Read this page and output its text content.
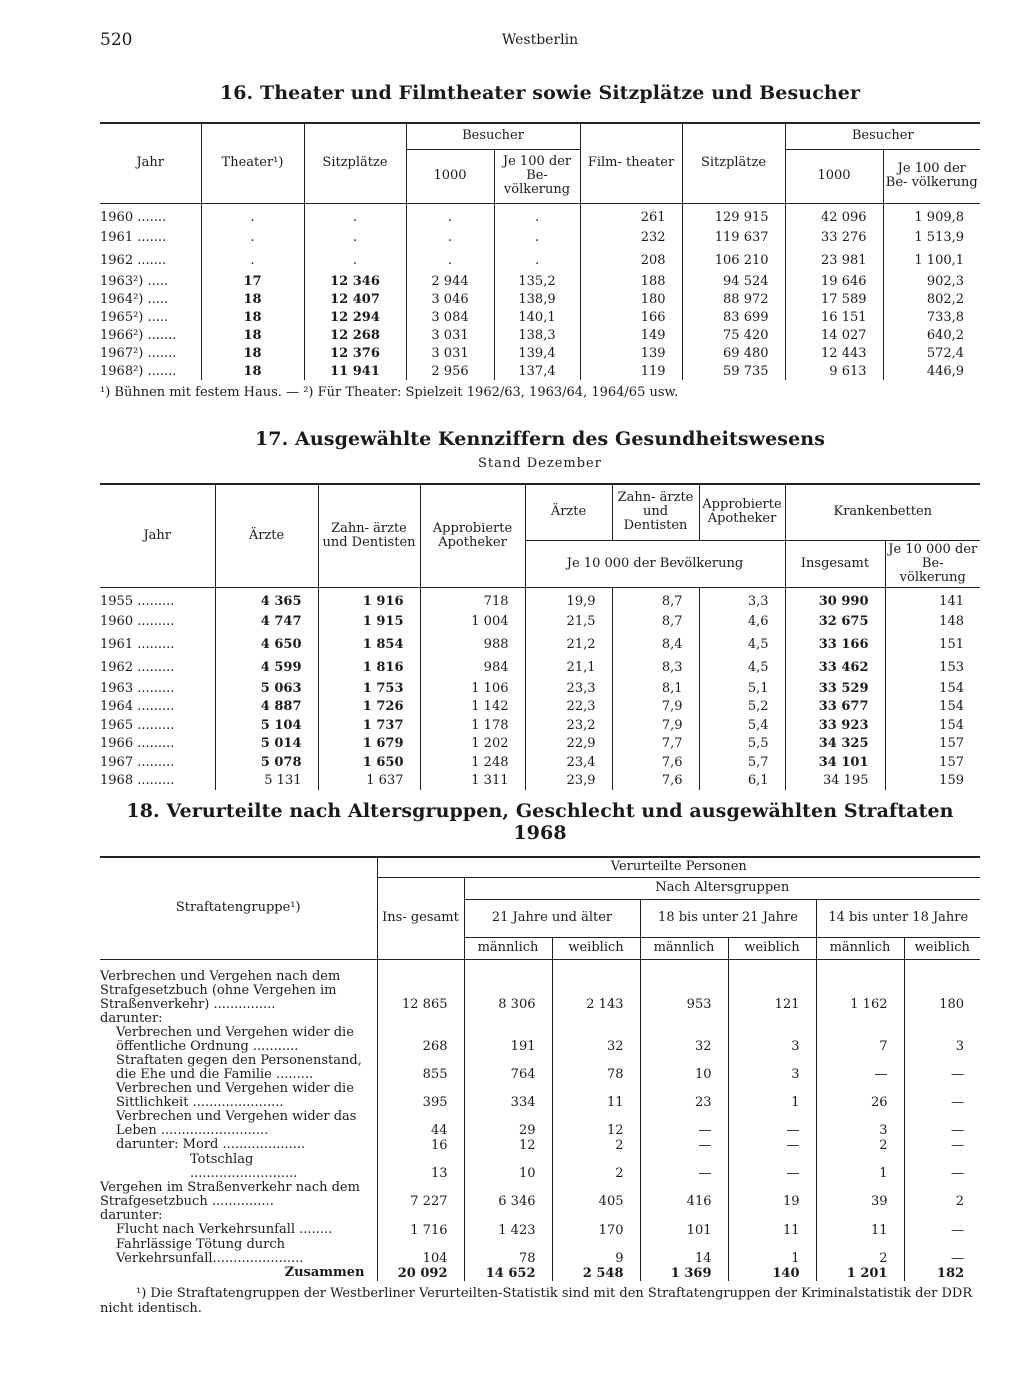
520	Westberlin
16. Theater und Filmtheater sowie Sitzplätze und Besucher
Jahr	Theater¹)	Sitzplätze	Besucher		Film- theater	Sitzplätze	Besucher	
			1000	Je 100 der Be- völkerung			1000	Je 100 der Be- völkerung
1960 .......	.	.	.	.	261	129 915	42 096	1 909,8
1961 .......	.	.	.	.	232	119 637	33 276	1 513,9
1962 .......	.	.	.	.	208	106 210	23 981	1 100,1
1963²) .....	17	12 346	2 944	135,2	188	94 524	19 646	902,3
1964²) .....	18	12 407	3 046	138,9	180	88 972	17 589	802,2
1965²) .....	18	12 294	3 084	140,1	166	83 699	16 151	733,8
1966²) .......	18	12 268	3 031	138,3	149	75 420	14 027	640,2
1967²) .......	18	12 376	3 031	139,4	139	69 480	12 443	572,4
1968²) .......	18	11 941	2 956	137,4	119	59 735	9 613	446,9
¹) Bühnen mit festem Haus. — ²) Für Theater: Spielzeit 1962/63, 1963/64, 1964/65 usw.
17. Ausgewählte Kennziffern des Gesundheitswesens
Stand Dezember
Jahr	Ärzte	Zahn- ärzte und Dentisten	Approbierte Apotheker	Ärzte	Zahn- ärzte und Dentisten	Approbierte Apotheker	Krankenbetten	
				Je 10 000 der Bevölkerung			Insgesamt	Je 10 000 der Be- völkerung
1955 .........	4 365	1 916	718	19,9	8,7	3,3	30 990	141
1960 .........	4 747	1 915	1 004	21,5	8,7	4,6	32 675	148
1961 .........	4 650	1 854	988	21,2	8,4	4,5	33 166	151
1962 .........	4 599	1 816	984	21,1	8,3	4,5	33 462	153
1963 .........	5 063	1 753	1 106	23,3	8,1	5,1	33 529	154
1964 .........	4 887	1 726	1 142	22,3	7,9	5,2	33 677	154
1965 .........	5 104	1 737	1 178	23,2	7,9	5,4	33 923	154
1966 .........	5 014	1 679	1 202	22,9	7,7	5,5	34 325	157
1967 .........	5 078	1 650	1 248	23,4	7,6	5,7	34 101	157
1968 .........	5 131	1 637	1 311	23,9	7,6	6,1	34 195	159
18. Verurteilte nach Altersgruppen, Geschlecht und ausgewählten Straftaten 1968
Straftatengruppe¹)	Verurteilte Personen						
	Ins- gesamt	Nach Altersgruppen					
		21 Jahre und älter		18 bis unter 21 Jahre		14 bis unter 18 Jahre	
		männlich	weiblich	männlich	weiblich	männlich	weiblich
Verbrechen und Vergehen nach dem Strafgesetzbuch (ohne Vergehen im Straßenverkehr) ...............	12 865	8 306	2 143	953	121	1 162	180
darunter:							
Verbrechen und Vergehen wider die öffentliche Ordnung ...........	268	191	32	32	3	7	3
Straftaten gegen den Personenstand, die Ehe und die Familie .........	855	764	78	10	3	—	—
Verbrechen und Vergehen wider die Sittlichkeit ......................	395	334	11	23	1	26	—
Verbrechen und Vergehen wider das Leben ..........................	44	29	12	—	—	3	—
darunter: Mord ....................	16	12	2	—	—	2	—
Totschlag ..........................	13	10	2	—	—	1	—
Vergehen im Straßenverkehr nach dem Strafgesetzbuch ...............	7 227	6 346	405	416	19	39	2
darunter:							
Flucht nach Verkehrsunfall ........	1 716	1 423	170	101	11	11	—
Fahrlässige Tötung durch Verkehrsunfall......................	104	78	9	14	1	2	—
Zusammen	20 092	14 652	2 548	1 369	140	1 201	182
¹) Die Straftatengruppen der Westberliner Verurteilten-Statistik sind mit den Straftatengruppen der Kriminalstatistik der DDR nicht identisch.
